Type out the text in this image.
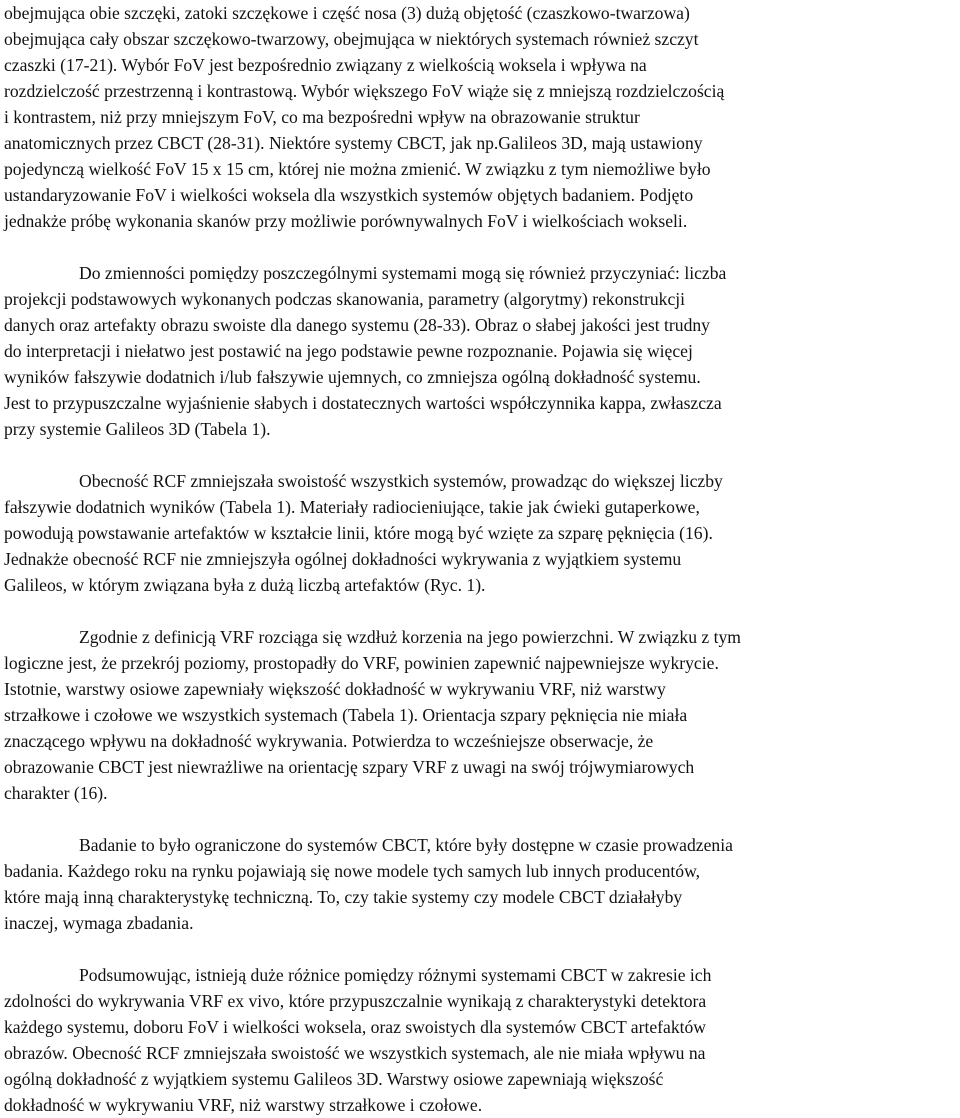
obejmująca obie szczęki, zatoki szczękowe i część nosa (3) dużą objętość (czaszkowo-twarzowa)
obejmująca cały obszar szczękowo-twarzowy, obejmująca w niektórych systemach również szczyt
czaszki (17-21). Wybór FoV jest bezpośrednio związany z wielkością woksela i wpływa na
rozdzielczość przestrzenną i kontrastową. Wybór większego FoV wiąże się z mniejszą rozdzielczością
i kontrastem, niż przy mniejszym FoV, co ma bezpośredni wpływ na obrazowanie struktur
anatomicznych przez CBCT (28-31). Niektóre systemy CBCT, jak np.Galileos 3D, mają ustawiony
pojedynczą wielkość FoV 15 x 15 cm, której nie można zmienić. W związku z tym niemożliwe było
ustandaryzowanie FoV i wielkości woksela dla wszystkich systemów objętych badaniem. Podjęto
jednakże próbę wykonania skanów przy możliwie porównywalnych FoV i wielkościach wokseli.

Do zmienności pomiędzy poszczególnymi systemami mogą się również przyczyniać: liczba
projekcji podstawowych wykonanych podczas skanowania, parametry (algorytmy) rekonstrukcji
danych oraz artefakty obrazu swoiste dla danego systemu (28-33). Obraz o słabej jakości jest trudny
do interpretacji i niełatwo jest postawić na jego podstawie pewne rozpoznanie. Pojawia się więcej
wyników fałszywie dodatnich i/lub fałszywie ujemnych, co zmniejsza ogólną dokładność systemu.
Jest to przypuszczalne wyjaśnienie słabych i dostatecznych wartości współczynnika kappa, zwłaszcza
przy systemie Galileos 3D (Tabela 1).

Obecność RCF zmniejszała swoistość wszystkich systemów, prowadząc do większej liczby
fałszywie dodatnich wyników (Tabela 1). Materiały radiocieniujące, takie jak ćwieki gutaperkowe,
powodują powstawanie artefaktów w kształcie linii, które mogą być wzięte za szparę pęknięcia (16).
Jednakże obecność RCF nie zmniejszyła ogólnej dokładności wykrywania z wyjątkiem systemu
Galileos, w którym związana była z dużą liczbą artefaktów (Ryc. 1).

Zgodnie z definicją VRF rozciąga się wzdłuż korzenia na jego powierzchni. W związku z tym
logiczne jest, że przekrój poziomy, prostopadły do VRF, powinien zapewnić najpewniejsze wykrycie.
Istotnie, warstwy osiowe zapewniały większość dokładność w wykrywaniu VRF, niż warstwy
strzałkowe i czołowe we wszystkich systemach (Tabela 1). Orientacja szpary pęknięcia nie miała
znaczącego wpływu na dokładność wykrywania. Potwierdza to wcześniejsze obserwacje, że
obrazowanie CBCT jest niewrażliwe na orientację szpary VRF z uwagi na swój trójwymiarowych
charakter (16).

Badanie to było ograniczone do systemów CBCT, które były dostępne w czasie prowadzenia
badania. Każdego roku na rynku pojawiają się nowe modele tych samych lub innych producentów,
które mają inną charakterystykę techniczną. To, czy takie systemy czy modele CBCT działałyby
inaczej, wymaga zbadania.

Podsumowując, istnieją duże różnice pomiędzy różnymi systemami CBCT w zakresie ich
zdolności do wykrywania VRF ex vivo, które przypuszczalnie wynikają z charakterystyki detektora
każdego systemu, doboru FoV i wielkości woksela, oraz swoistych dla systemów CBCT artefaktów
obrazów. Obecność RCF zmniejszała swoistość we wszystkich systemach, ale nie miała wpływu na
ogólną dokładność z wyjątkiem systemu Galileos 3D. Warstwy osiowe zapewniają większość
dokładność w wykrywaniu VRF, niż warstwy strzałkowe i czołowe.
